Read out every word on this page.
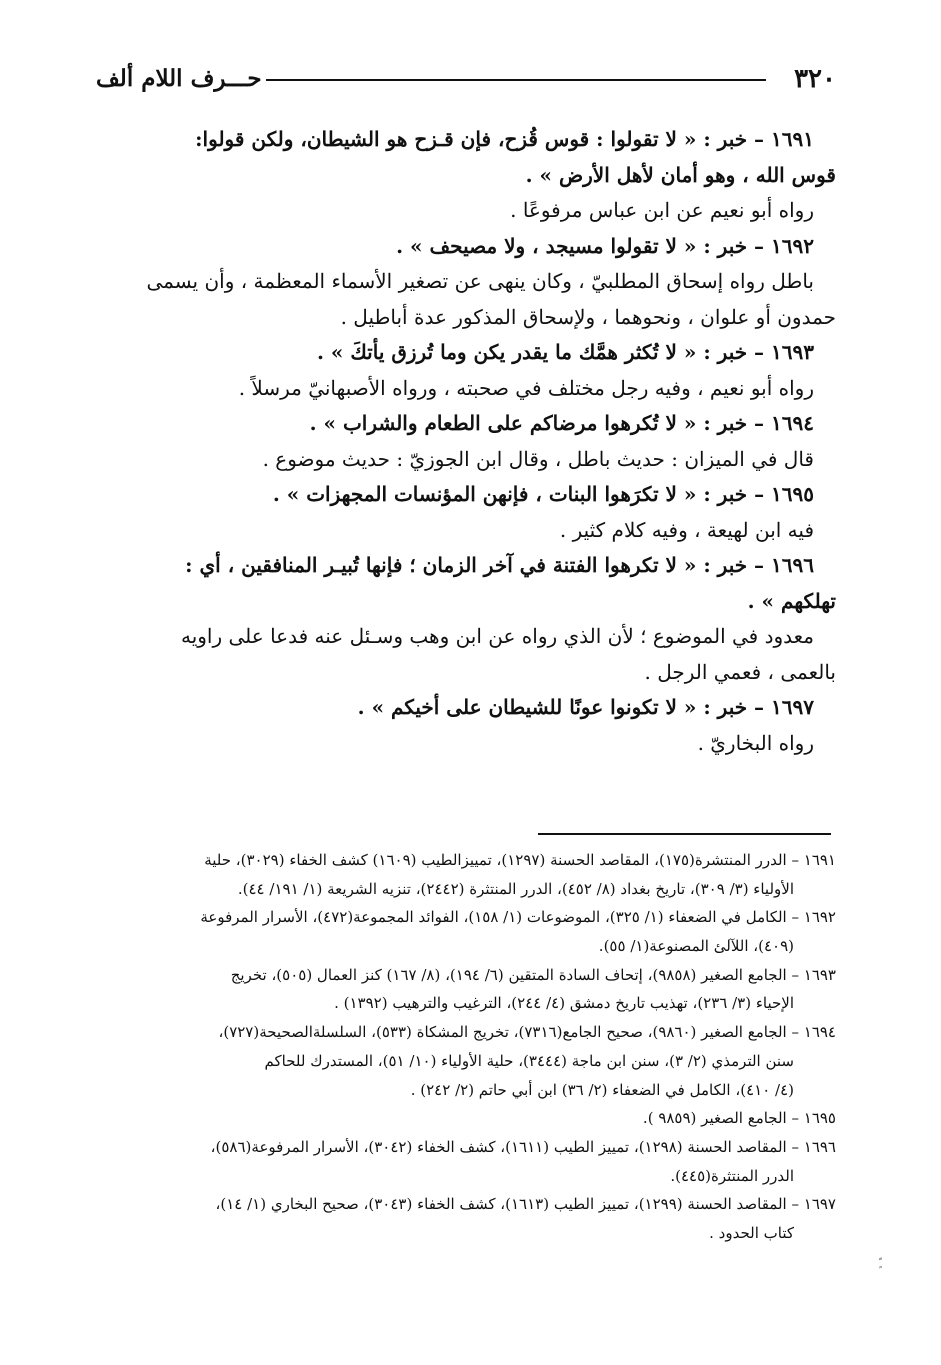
٣٢٠
حـــرف اللام ألف
١٦٩١ – خبر : « لا تقولوا : قوس قُزح، فإن قـزح هو الشيطان، ولكن قولوا:
قوس الله ، وهو أمان لأهل الأرض » .
رواه أبو نعيم عن ابن عباس مرفوعًا .
١٦٩٢ – خبر : « لا تقولوا مسيجد ، ولا مصيحف » .
باطل رواه إسحاق المطلبيّ ، وكان ينهى عن تصغير الأسماء المعظمة ، وأن يسمى
حمدون أو علوان ، ونحوهما ، ولإسحاق المذكور عدة أباطيل .
١٦٩٣ – خبر : « لا تُكثر همَّك ما يقدر يكن وما تُرزق يأتكَ » .
رواه أبو نعيم ، وفيه رجل مختلف في صحبته ، ورواه الأصبهانيّ مرسلاً .
١٦٩٤ – خبر : « لا تُكرهوا مرضاكم على الطعام والشراب » .
قال في الميزان : حديث باطل ، وقال ابن الجوزيّ : حديث موضوع .
١٦٩٥ – خبر : « لا تكرَهوا البنات ، فإنهن المؤنسات المجهزات » .
فيه ابن لهيعة ، وفيه كلام كثير .
١٦٩٦ – خبر : « لا تكرهوا الفتنة في آخر الزمان ؛ فإنها تُبيـر المنافقين ، أي :
تهلكهم » .
معدود في الموضوع ؛ لأن الذي رواه عن ابن وهب وسـئل عنه فدعا على راويه
بالعمى ، فعمي الرجل .
١٦٩٧ – خبر : « لا تكونوا عونًا للشيطان على أخيكم » .
رواه البخاريّ .
١٦٩١ – الدرر المنتشرة(١٧٥)، المقاصد الحسنة (١٢٩٧)، تمييزالطيب (١٦٠٩) كشف الخفاء (٣٠٢٩)، حلية
الأولياء (٣/ ٣٠٩)، تاريخ بغداد (٨/ ٤٥٢)، الدرر المنتثرة (٢٤٤٢)، تنزيه الشريعة (١/ ١٩١/ ٤٤).
١٦٩٢ – الكامل في الضعفاء (١/ ٣٢٥)، الموضوعات (١/ ١٥٨)، الفوائد المجموعة(٤٧٢)، الأسرار المرفوعة
(٤٠٩)، اللآلئ المصنوعة(١/ ٥٥).
١٦٩٣ – الجامع الصغير (٩٨٥٨)، إتحاف السادة المتقين (٦/ ١٩٤)، (٨/ ١٦٧) كنز العمال (٥٠٥)، تخريج
الإحياء (٣/ ٢٣٦)، تهذيب تاريخ دمشق (٤/ ٢٤٤)، الترغيب والترهيب (١٣٩٢) .
١٦٩٤ – الجامع الصغير (٩٨٦٠)، صحيح الجامع(٧٣١٦)، تخريج المشكاة (٥٣٣)، السلسلةالصحيحة(٧٢٧)،
سنن الترمذي (٢/ ٣)، سنن ابن ماجة (٣٤٤٤)، حلية الأولياء (١٠/ ٥١)، المستدرك للحاكم
(٤/ ٤١٠)، الكامل في الضعفاء (٢/ ٣٦) ابن أبي حاتم (٢/ ٢٤٢) .
١٦٩٥ – الجامع الصغير (٩٨٥٩ ).
١٦٩٦ – المقاصد الحسنة (١٢٩٨)، تمييز الطيب (١٦١١)، كشف الخفاء (٣٠٤٢)، الأسرار المرفوعة(٥٨٦)،
الدرر المنتثرة(٤٤٥).
١٦٩٧ – المقاصد الحسنة (١٢٩٩)، تمييز الطيب (١٦١٣)، كشف الخفاء (٣٠٤٣)، صحيح البخاري (١/ ١٤)،
كتاب الحدود .
